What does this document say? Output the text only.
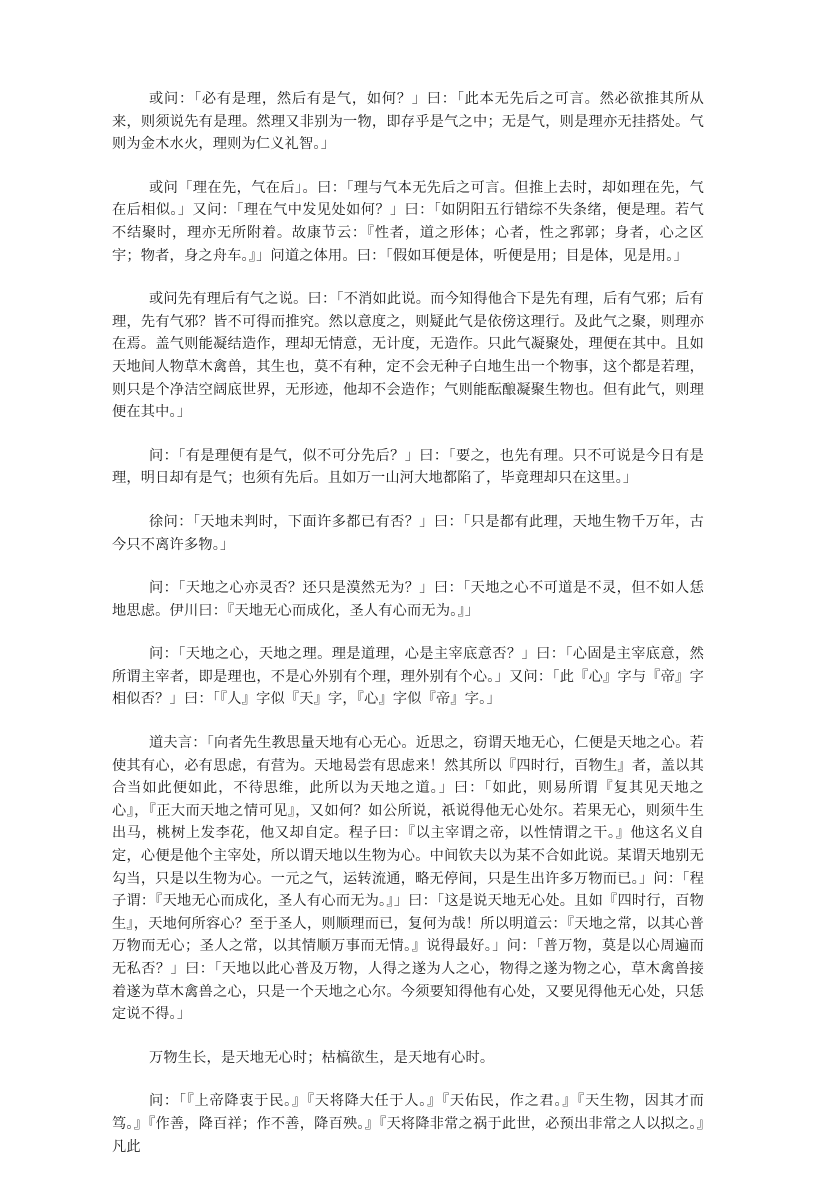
或问：「必有是理，然后有是气，如何？」曰：「此本无先后之可言。然必欲推其所从来，则须说先有是理。然理又非别为一物，即存乎是气之中；无是气，则是理亦无挂搭处。气则为金木水火，理则为仁义礼智。」

或问「理在先，气在后」。曰：「理与气本无先后之可言。但推上去时，却如理在先，气在后相似。」又问：「理在气中发见处如何？」曰：「如阴阳五行错综不失条绪，便是理。若气不结聚时，理亦无所附着。故康节云：『性者，道之形体；心者，性之郛郭；身者，心之区宇；物者，身之舟车。』」问道之体用。曰：「假如耳便是体，听便是用；目是体，见是用。」

或问先有理后有气之说。曰：「不消如此说。而今知得他合下是先有理，后有气邪；后有理，先有气邪？皆不可得而推究。然以意度之，则疑此气是依傍这理行。及此气之聚，则理亦在焉。盖气则能凝结造作，理却无情意，无计度，无造作。只此气凝聚处，理便在其中。且如天地间人物草木禽兽，其生也，莫不有种，定不会无种子白地生出一个物事，这个都是若理，则只是个净洁空阔底世界，无形迹，他却不会造作；气则能酝酿凝聚生物也。但有此气，则理便在其中。」

问：「有是理便有是气，似不可分先后？」曰：「要之，也先有理。只不可说是今日有是理，明日却有是气；也须有先后。且如万一山河大地都陷了，毕竟理却只在这里。」

徐问：「天地未判时，下面许多都已有否？」曰：「只是都有此理，天地生物千万年，古今只不离许多物。」

问：「天地之心亦灵否？还只是漠然无为？」曰：「天地之心不可道是不灵，但不如人恁地思虑。伊川曰：『天地无心而成化，圣人有心而无为。』」

问：「天地之心，天地之理。理是道理，心是主宰底意否？」曰：「心固是主宰底意，然所谓主宰者，即是理也，不是心外别有个理，理外别有个心。」又问：「此『心』字与『帝』字相似否？」曰：「『人』字似『天』字，『心』字似『帝』字。」

道夫言：「向者先生教思量天地有心无心。近思之，窃谓天地无心，仁便是天地之心。若使其有心，必有思虑，有营为。天地曷尝有思虑来！然其所以『四时行，百物生』者，盖以其合当如此便如此，不待思维，此所以为天地之道。」曰：「如此，则易所谓『复其见天地之心』，『正大而天地之情可见』，又如何？如公所说，祇说得他无心处尔。若果无心，则须牛生出马，桃树上发李花，他又却自定。程子曰：『以主宰谓之帝，以性情谓之干。』他这名义自定，心便是他个主宰处，所以谓天地以生物为心。中间钦夫以为某不合如此说。某谓天地别无勾当，只是以生物为心。一元之气，运转流通，略无停间，只是生出许多万物而已。」问：「程子谓：『天地无心而成化，圣人有心而无为。』」曰：「这是说天地无心处。且如『四时行，百物生』，天地何所容心？至于圣人，则顺理而已，复何为哉！所以明道云：『天地之常，以其心普万物而无心；圣人之常，以其情顺万事而无情。』说得最好。」问：「普万物，莫是以心周遍而无私否？」曰：「天地以此心普及万物，人得之遂为人之心，物得之遂为物之心，草木禽兽接着遂为草木禽兽之心，只是一个天地之心尔。今须要知得他有心处，又要见得他无心处，只恁定说不得。」

万物生长，是天地无心时；枯槁欲生，是天地有心时。

问：「『上帝降衷于民。』『天将降大任于人。』『天佑民，作之君。』『天生物，因其才而笃。』『作善，降百祥；作不善，降百殃。』『天将降非常之祸于此世，必预出非常之人以拟之。』凡此
